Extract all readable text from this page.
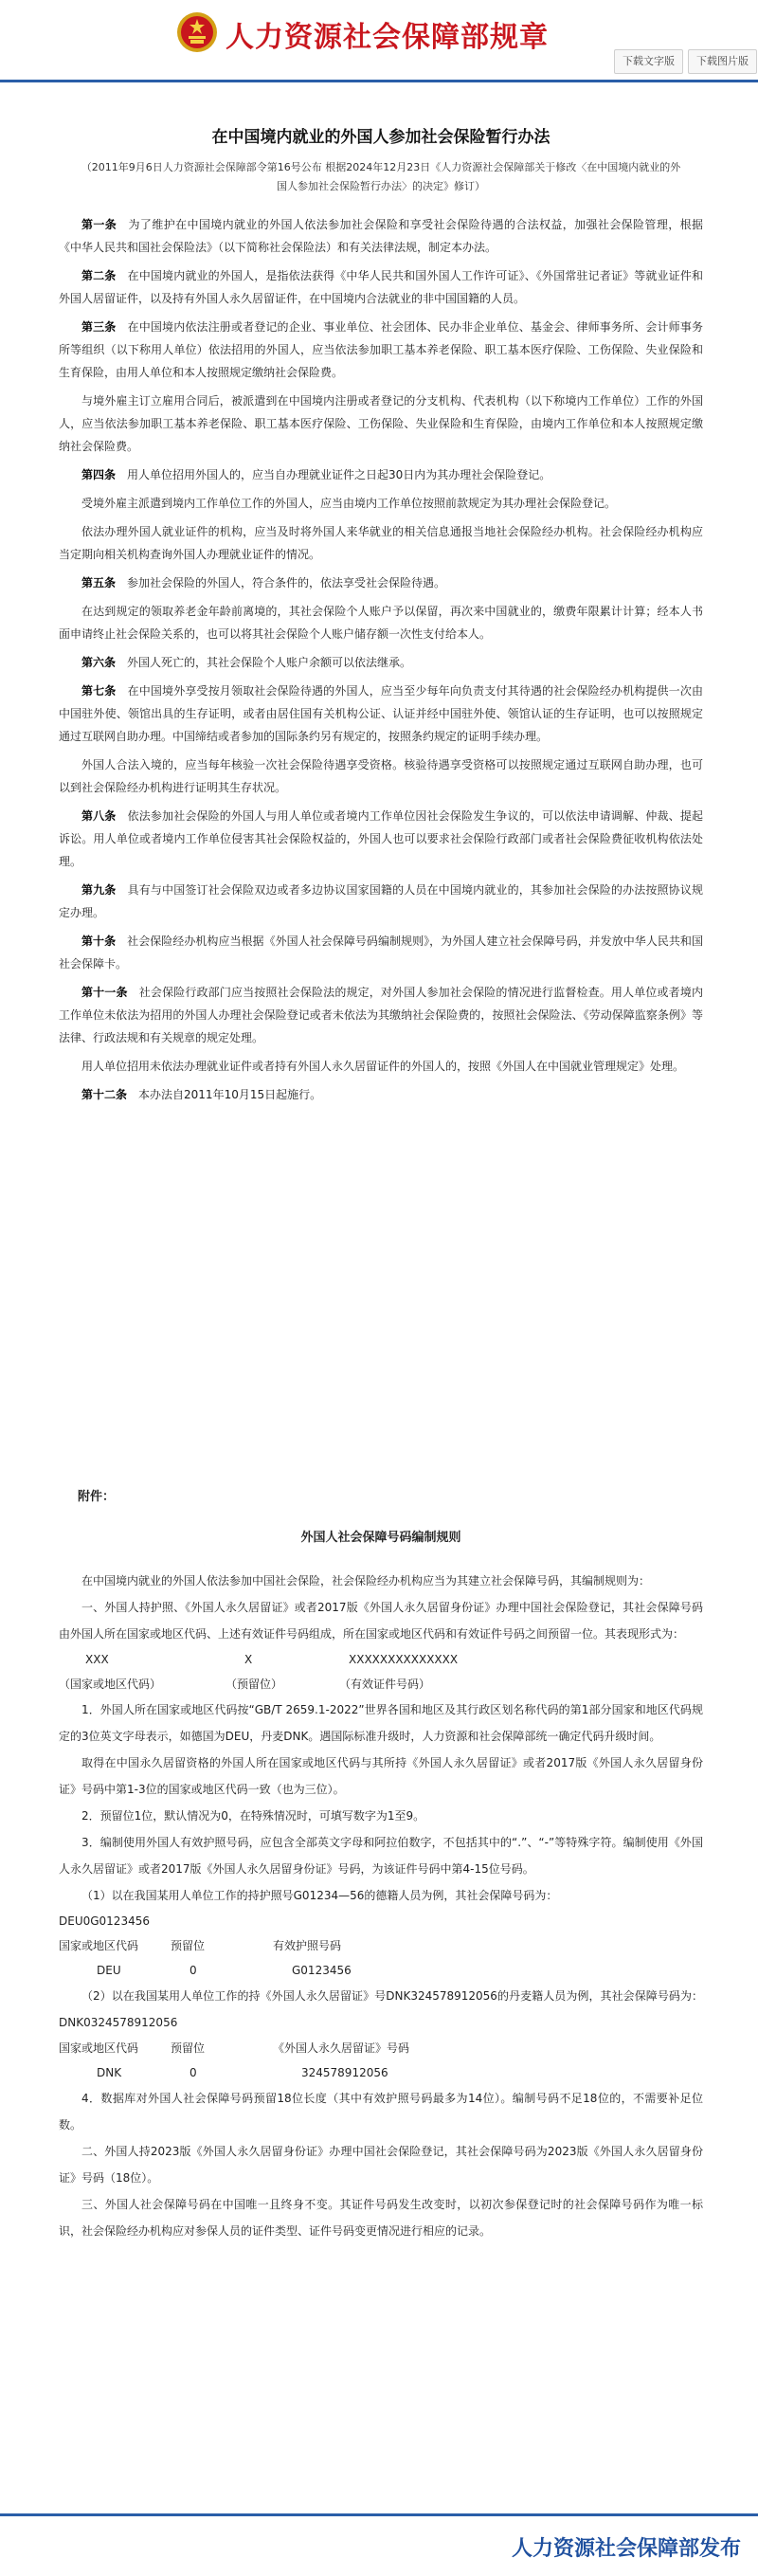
人力资源社会保障部规章
下载文字版	下载图片版
在中国境内就业的外国人参加社会保险暂行办法
（2011年9月6日人力资源社会保障部令第16号公布 根据2024年12月23日《人力资源社会保障部关于修改〈在中国境内就业的外国人参加社会保险暂行办法〉的决定》修订）

第一条　 为了维护在中国境内就业的外国人依法参加社会保险和享受社会保险待遇的合法权益，加强社会保险管理，根据《中华人民共和国社会保险法》（以下简称社会保险法）和有关法律法规，制定本办法。

第二条　 在中国境内就业的外国人，是指依法获得《中华人民共和国外国人工作许可证》、《外国常驻记者证》等就业证件和外国人居留证件，以及持有外国人永久居留证件，在中国境内合法就业的非中国国籍的人员。

第三条　 在中国境内依法注册或者登记的企业、事业单位、社会团体、民办非企业单位、基金会、律师事务所、会计师事务所等组织（以下称用人单位）依法招用的外国人，应当依法参加职工基本养老保险、职工基本医疗保险、工伤保险、失业保险和生育保险，由用人单位和本人按照规定缴纳社会保险费。

与境外雇主订立雇用合同后，被派遣到在中国境内注册或者登记的分支机构、代表机构（以下称境内工作单位）工作的外国人，应当依法参加职工基本养老保险、职工基本医疗保险、工伤保险、失业保险和生育保险，由境内工作单位和本人按照规定缴纳社会保险费。

第四条　 用人单位招用外国人的，应当自办理就业证件之日起30日内为其办理社会保险登记。

受境外雇主派遣到境内工作单位工作的外国人，应当由境内工作单位按照前款规定为其办理社会保险登记。

依法办理外国人就业证件的机构，应当及时将外国人来华就业的相关信息通报当地社会保险经办机构。社会保险经办机构应当定期向相关机构查询外国人办理就业证件的情况。

第五条　 参加社会保险的外国人，符合条件的，依法享受社会保险待遇。

在达到规定的领取养老金年龄前离境的，其社会保险个人账户予以保留，再次来中国就业的，缴费年限累计计算；经本人书面申请终止社会保险关系的，也可以将其社会保险个人账户储存额一次性支付给本人。

第六条　 外国人死亡的，其社会保险个人账户余额可以依法继承。

第七条　 在中国境外享受按月领取社会保险待遇的外国人，应当至少每年向负责支付其待遇的社会保险经办机构提供一次由中国驻外使、领馆出具的生存证明，或者由居住国有关机构公证、认证并经中国驻外使、领馆认证的生存证明，也可以按照规定通过互联网自助办理。中国缔结或者参加的国际条约另有规定的，按照条约规定的证明手续办理。

外国人合法入境的，应当每年核验一次社会保险待遇享受资格。核验待遇享受资格可以按照规定通过互联网自助办理，也可以到社会保险经办机构进行证明其生存状况。

第八条　 依法参加社会保险的外国人与用人单位或者境内工作单位因社会保险发生争议的，可以依法申请调解、仲裁、提起诉讼。用人单位或者境内工作单位侵害其社会保险权益的，外国人也可以要求社会保险行政部门或者社会保险费征收机构依法处理。

第九条　 具有与中国签订社会保险双边或者多边协议国家国籍的人员在中国境内就业的，其参加社会保险的办法按照协议规定办理。

第十条　 社会保险经办机构应当根据《外国人社会保障号码编制规则》，为外国人建立社会保障号码，并发放中华人民共和国社会保障卡。

第十一条　 社会保险行政部门应当按照社会保险法的规定，对外国人参加社会保险的情况进行监督检查。用人单位或者境内工作单位未依法为招用的外国人办理社会保险登记或者未依法为其缴纳社会保险费的，按照社会保险法、《劳动保障监察条例》等法律、行政法规和有关规章的规定处理。

用人单位招用未依法办理就业证件或者持有外国人永久居留证件的外国人的，按照《外国人在中国就业管理规定》处理。

第十二条　 本办法自2011年10月15日起施行。

附件：
外国人社会保障号码编制规则

在中国境内就业的外国人依法参加中国社会保险，社会保险经办机构应当为其建立社会保障号码，其编制规则为：

一、外国人持护照、《外国人永久居留证》或者2017版《外国人永久居留身份证》办理中国社会保险登记，其社会保障号码由外国人所在国家或地区代码、上述有效证件号码组成，所在国家或地区代码和有效证件号码之间预留一位。其表现形式为：

XXX	X	XXXXXXXXXXXXXX
（国家或地区代码）	（预留位）	（有效证件号码）

1．外国人所在国家或地区代码按“GB/T 2659.1-2022”世界各国和地区及其行政区划名称代码的第1部分国家和地区代码规定的3位英文字母表示，如德国为DEU，丹麦DNK。遇国际标准升级时，人力资源和社会保障部统一确定代码升级时间。

取得在中国永久居留资格的外国人所在国家或地区代码与其所持《外国人永久居留证》或者2017版《外国人永久居留身份证》号码中第1-3位的国家或地区代码一致（也为三位）。

2．预留位1位，默认情况为0，在特殊情况时，可填写数字为1至9。

3．编制使用外国人有效护照号码，应包含全部英文字母和阿拉伯数字，不包括其中的“.”、“-”等特殊字符。编制使用《外国人永久居留证》或者2017版《外国人永久居留身份证》号码，为该证件号码中第4-15位号码。

（1）以在我国某用人单位工作的持护照号G01234—56的德籍人员为例，其社会保障号码为：

DEU0G0123456
国家或地区代码	预留位	有效护照号码
DEU	0	G0123456

（2）以在我国某用人单位工作的持《外国人永久居留证》号DNK324578912056的丹麦籍人员为例，其社会保障号码为：DNK0324578912056

国家或地区代码	预留位	《外国人永久居留证》号码
DNK	0	324578912056

4．数据库对外国人社会保障号码预留18位长度（其中有效护照号码最多为14位）。编制号码不足18位的，不需要补足位数。

二、外国人持2023版《外国人永久居留身份证》办理中国社会保险登记，其社会保障号码为2023版《外国人永久居留身份证》号码（18位）。

三、外国人社会保障号码在中国唯一且终身不变。其证件号码发生改变时，以初次参保登记时的社会保障号码作为唯一标识，社会保险经办机构应对参保人员的证件类型、证件号码变更情况进行相应的记录。

人力资源社会保障部发布
